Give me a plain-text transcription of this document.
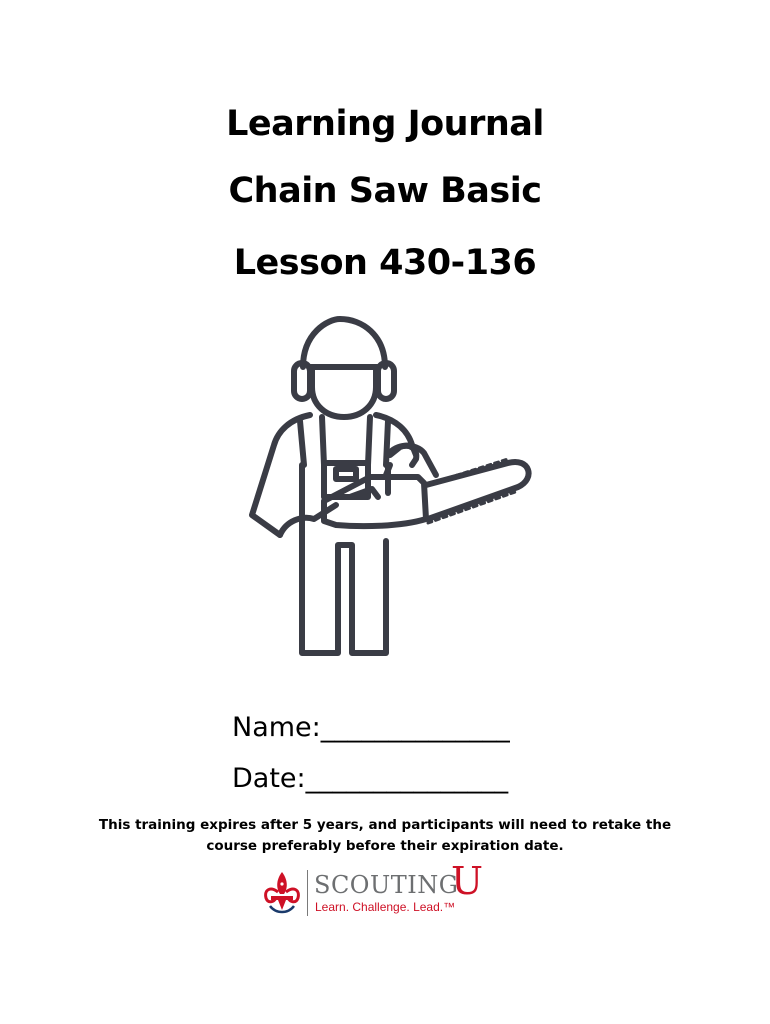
Learning Journal
Chain Saw Basic
Lesson 430-136
Name:______________
Date:_______________
This training expires after 5 years, and participants will need to retake the
course preferably before their expiration date.
SCOUTING
U
Learn. Challenge. Lead.™
